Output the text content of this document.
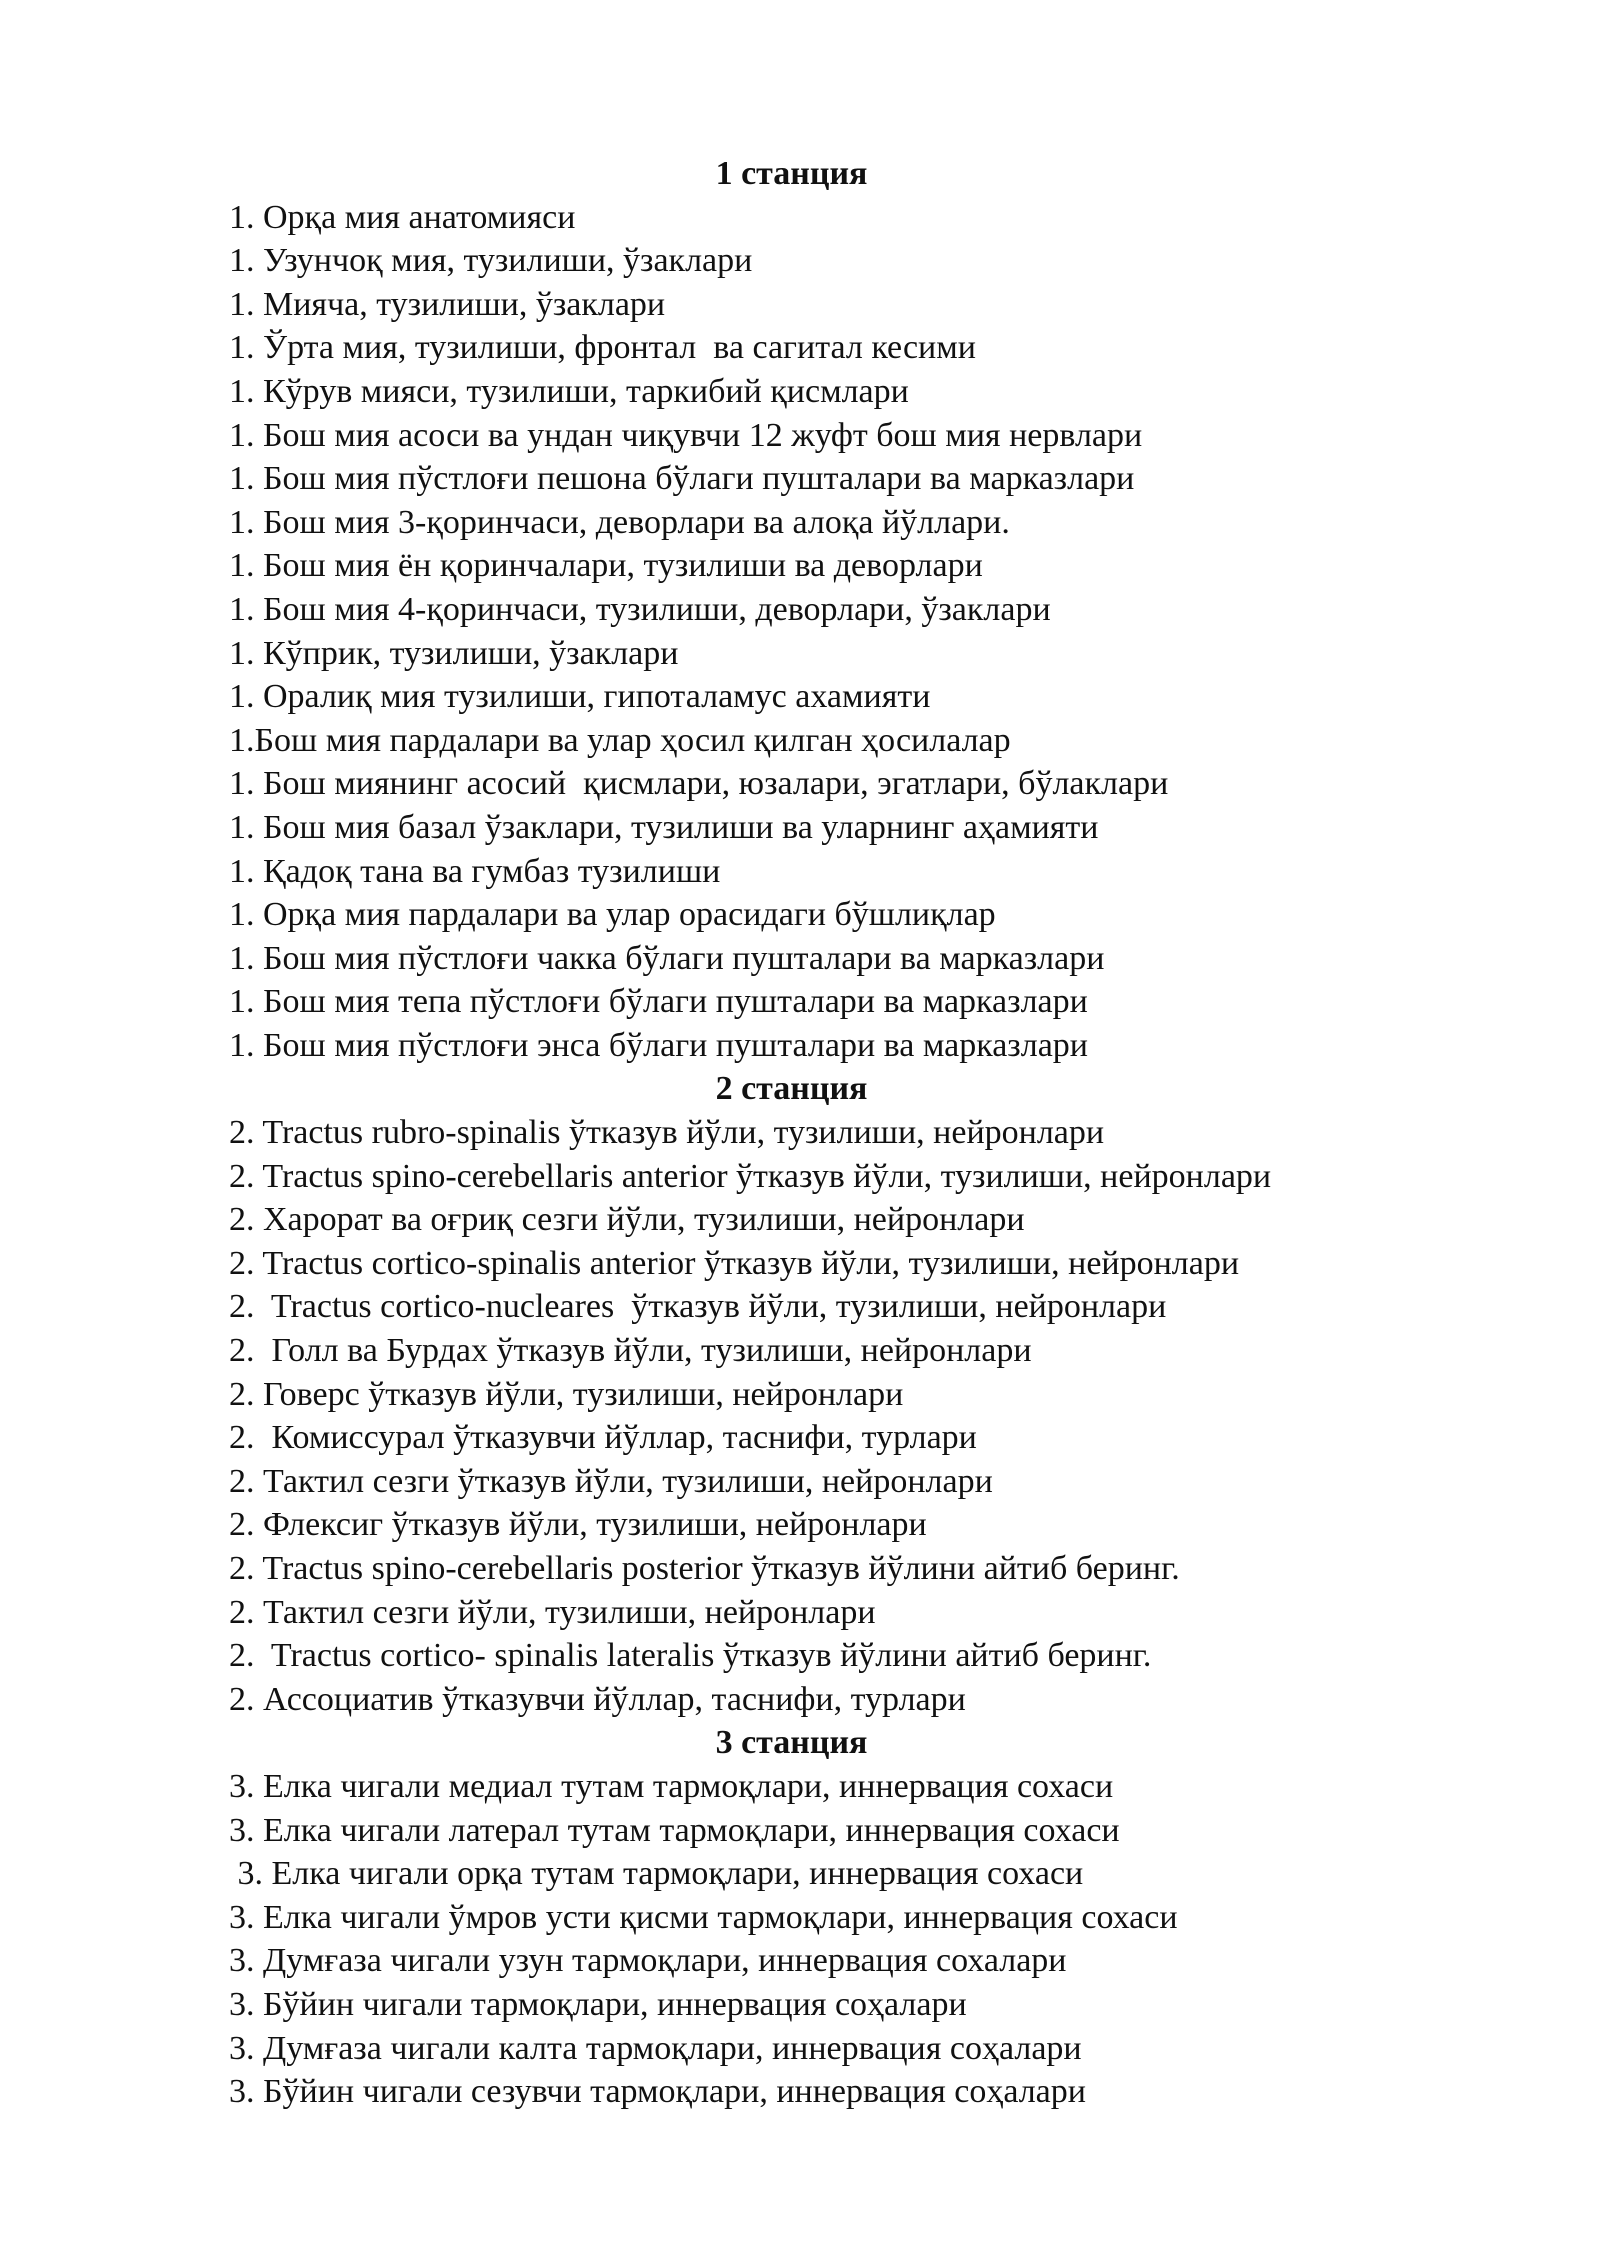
1 станция
1. Орқа мия анатомияси
1. Узунчоқ мия, тузилиши, ўзаклари
1. Мияча, тузилиши, ўзаклари
1. Ўрта мия, тузилиши, фронтал  ва сагитал кесими
1. Кўрув мияси, тузилиши, таркибий қисмлари
1. Бош мия асоси ва ундан чиқувчи 12 жуфт бош мия нервлари
1. Бош мия пўстлоғи пешона бўлаги пушталари ва марказлари
1. Бош мия 3-қоринчаси, деворлари ва алоқа йўллари.
1. Бош мия ён қоринчалари, тузилиши ва деворлари
1. Бош мия 4-қоринчаси, тузилиши, деворлари, ўзаклари
1. Кўприк, тузилиши, ўзаклари
1. Оралиқ мия тузилиши, гипоталамус ахамияти
1.Бош мия пардалари ва улар ҳосил қилган ҳосилалар
1. Бош миянинг асосий  қисмлари, юзалари, эгатлари, бўлаклари
1. Бош мия базал ўзаклари, тузилиши ва уларнинг аҳамияти
1. Қадоқ тана ва гумбаз тузилиши
1. Орқа мия пардалари ва улар орасидаги бўшлиқлар
1. Бош мия пўстлоғи чакка бўлаги пушталари ва марказлари
1. Бош мия тепа пўстлоғи бўлаги пушталари ва марказлари
1. Бош мия пўстлоғи энса бўлаги пушталари ва марказлари
2 станция
2. Tractus rubro-spinalis ўтказув йўли, тузилиши, нейронлари
2. Tractus spino-cerebellaris anterior ўтказув йўли, тузилиши, нейронлари
2. Харорат ва оғриқ сезги йўли, тузилиши, нейронлари
2. Tractus cortico-spinalis anterior ўтказув йўли, тузилиши, нейронлари
2.  Tractus cortico-nucleares  ўтказув йўли, тузилиши, нейронлари
2.  Голл ва Бурдах ўтказув йўли, тузилиши, нейронлари
2. Говерс ўтказув йўли, тузилиши, нейронлари
2.  Комиссурал ўтказувчи йўллар, таснифи, турлари
2. Тактил сезги ўтказув йўли, тузилиши, нейронлари
2. Флексиг ўтказув йўли, тузилиши, нейронлари
2. Tractus spino-cerebellaris posterior ўтказув йўлини айтиб беринг.
2. Тактил сезги йўли, тузилиши, нейронлари
2.  Tractus cortico- spinalis lateralis ўтказув йўлини айтиб беринг.
2. Ассоциатив ўтказувчи йўллар, таснифи, турлари
3 станция
3. Елка чигали медиал тутам тармоқлари, иннервация сохаси
3. Елка чигали латерал тутам тармоқлари, иннервация сохаси
3. Елка чигали орқа тутам тармоқлари, иннервация сохаси
3. Елка чигали ўмров усти қисми тармоқлари, иннервация сохаси
3. Думғаза чигали узун тармоқлари, иннервация сохалари
3. Бўйин чигали тармоқлари, иннервация соҳалари
3. Думғаза чигали калта тармоқлари, иннервация соҳалари
3. Бўйин чигали сезувчи тармоқлари, иннервация соҳалари
